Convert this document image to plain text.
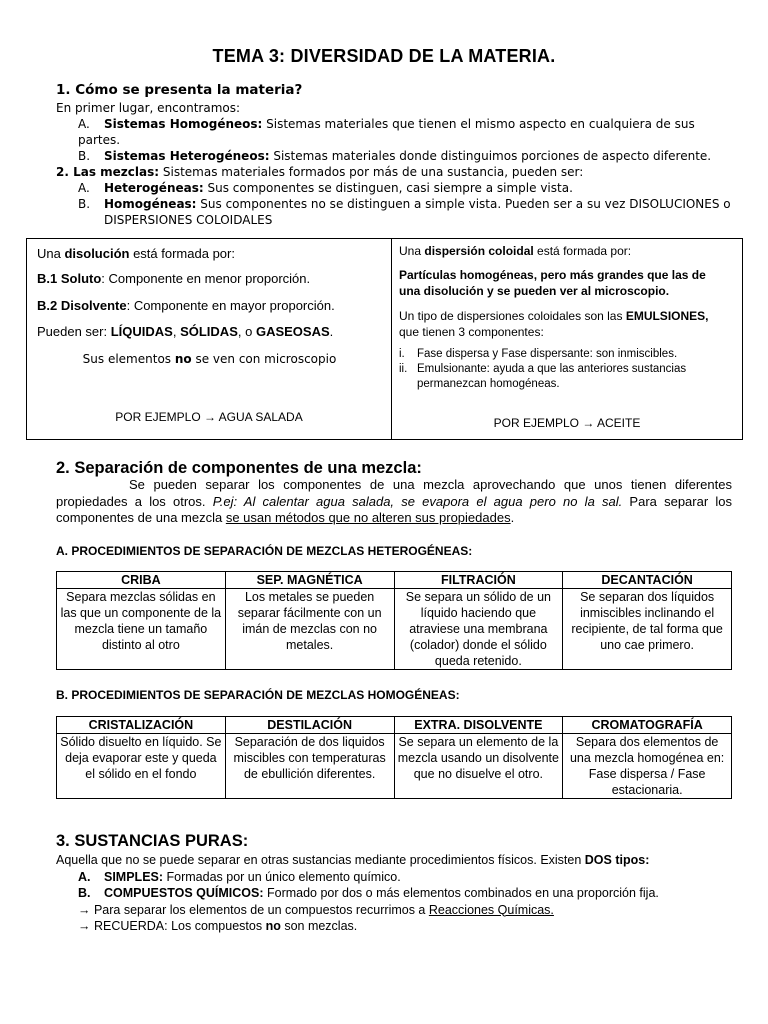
TEMA 3: DIVERSIDAD DE LA MATERIA.
1. Cómo se presenta la materia?
En primer lugar, encontramos:
A. Sistemas Homogéneos: Sistemas materiales que tienen el mismo aspecto en cualquiera de sus partes.
B. Sistemas Heterogéneos: Sistemas materiales donde distinguimos porciones de aspecto diferente.
2. Las mezclas: Sistemas materiales formados por más de una sustancia, pueden ser:
A. Heterogéneas: Sus componentes se distinguen, casi siempre a simple vista.
B. Homogéneas: Sus componentes no se distinguen a simple vista. Pueden ser a su vez DISOLUCIONES o
DISPERSIONES COLOIDALES
Una disolución está formada por:
B.1 Soluto: Componente en menor proporción.
B.2 Disolvente: Componente en mayor proporción.
Pueden ser: LÍQUIDAS, SÓLIDAS, o GASEOSAS.
Sus elementos no se ven con microscopio
POR EJEMPLO → AGUA SALADA
Una dispersión coloidal está formada por:
Partículas homogéneas, pero más grandes que las de
una disolución y se pueden ver al microscopio.
Un tipo de dispersiones coloidales son las EMULSIONES,
que tienen 3 componentes:
i. Fase dispersa y Fase dispersante: son inmiscibles.
ii. Emulsionante: ayuda a que las anteriores sustancias
permanezcan homogéneas.
POR EJEMPLO → ACEITE
2. Separación de componentes de una mezcla:
Se pueden separar los componentes de una mezcla aprovechando que unos tienen diferentes
propiedades a los otros. P.ej: Al calentar agua salada, se evapora el agua pero no la sal. Para separar los
componentes de una mezcla se usan métodos que no alteren sus propiedades.
A. PROCEDIMIENTOS DE SEPARACIÓN DE MEZCLAS HETEROGÉNEAS:
CRIBA	SEP. MAGNÉTICA	FILTRACIÓN	DECANTACIÓN
Separa mezclas sólidas en las que un componente de la mezcla tiene un tamaño distinto al otro	Los metales se pueden separar fácilmente con un imán de mezclas con no metales.	Se separa un sólido de un líquido haciendo que atraviese una membrana (colador) donde el sólido queda retenido.	Se separan dos líquidos inmiscibles inclinando el recipiente, de tal forma que uno cae primero.
B. PROCEDIMIENTOS DE SEPARACIÓN DE MEZCLAS HOMOGÉNEAS:
CRISTALIZACIÓN	DESTILACIÓN	EXTRA. DISOLVENTE	CROMATOGRAFÍA
Sólido disuelto en líquido. Se deja evaporar este y queda el sólido en el fondo	Separación de dos liquidos miscibles con temperaturas de ebullición diferentes.	Se separa un elemento de la mezcla usando un disolvente que no disuelve el otro.	Separa dos elementos de una mezcla homogénea en: Fase dispersa / Fase estacionaria.
3. SUSTANCIAS PURAS:
Aquella que no se puede separar en otras sustancias mediante procedimientos físicos. Existen DOS tipos:
A. SIMPLES: Formadas por un único elemento químico.
B. COMPUESTOS QUÍMICOS: Formado por dos o más elementos combinados en una proporción fija.
→ Para separar los elementos de un compuestos recurrimos a Reacciones Químicas.
→ RECUERDA: Los compuestos no son mezclas.
